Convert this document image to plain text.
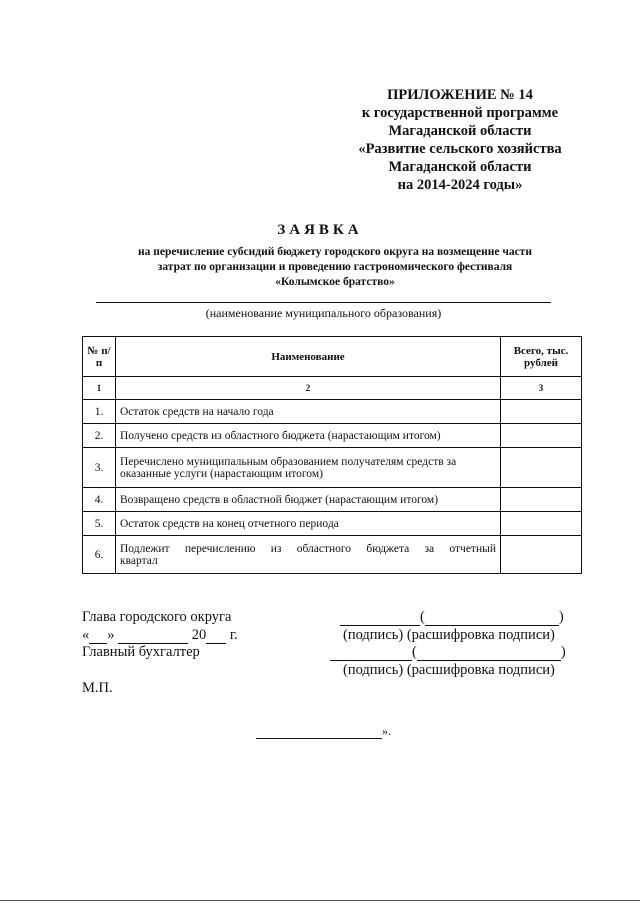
ПРИЛОЖЕНИЕ № 14
к государственной программе
Магаданской области
«Развитие сельского хозяйства
Магаданской области
на 2014-2024 годы»
ЗАЯВКА
на перечисление субсидий бюджету городского округа на возмещение части
затрат по организации и проведению гастрономического фестиваля
«Колымское братство»
(наименование муниципального образования)
№ п/п	Наименование	Всего, тыс. рублей
1	2	3
1.	Остаток средств на начало года	
2.	Получено средств из областного бюджета (нарастающим итогом)	
3.	Перечислено муниципальным образованием получателям средств за оказанные услуги (нарастающим итогом)	
4.	Возвращено средств в областной бюджет (нарастающим итогом)	
5.	Остаток средств на конец отчетного периода	
6.	Подлежит перечислению из областного бюджета за отчетный
квартал	

Глава городского округа	(	)
« »	20 г.	(подпись) (расшифровка подписи)
Главный бухгалтер	(	)
(подпись) (расшифровка подписи)
М.П.
».
